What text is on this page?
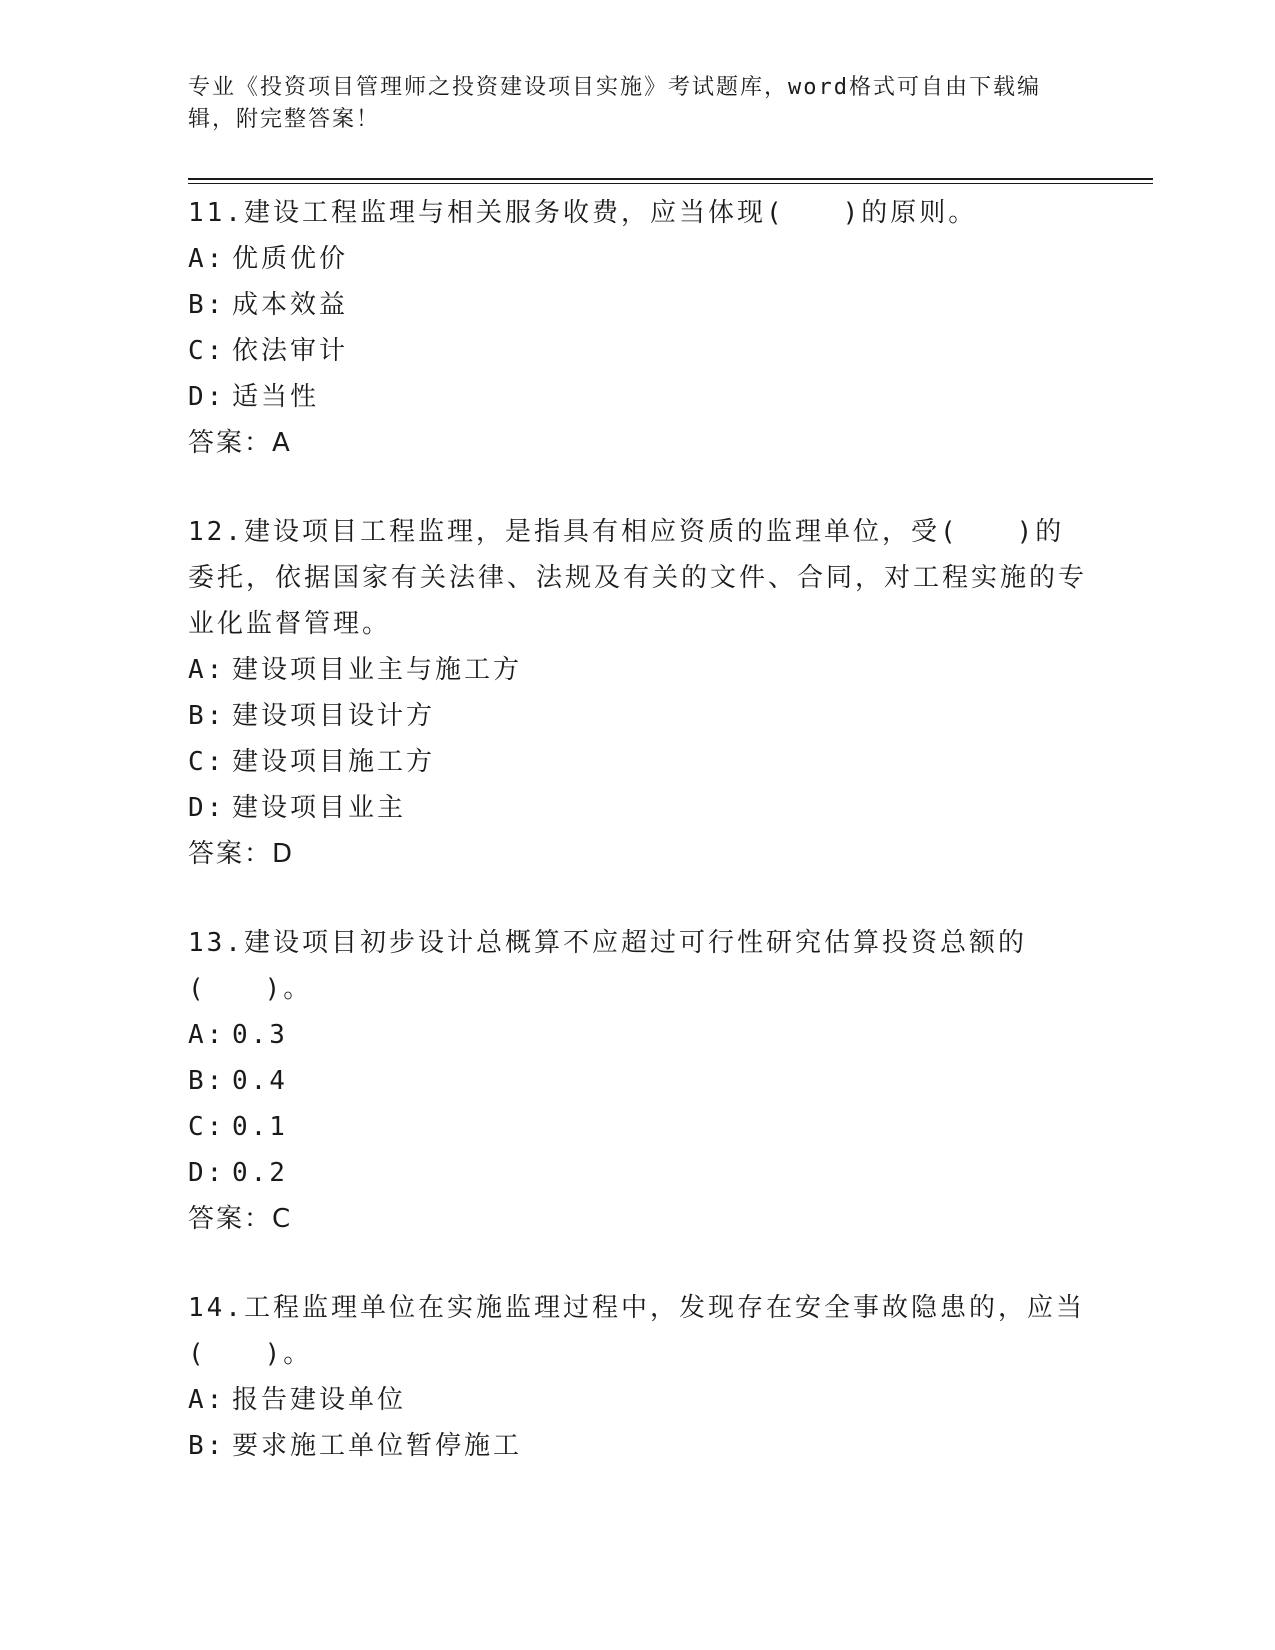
专业《投资项目管理师之投资建设项目实施》考试题库，word格式可自由下载编辑，附完整答案！

11.建设工程监理与相关服务收费，应当体现(　　)的原则。

A: 优质优价

B: 成本效益

C: 依法审计

D: 适当性

答案：A

12.建设项目工程监理，是指具有相应资质的监理单位，受(　　)的委托，依据国家有关法律、法规及有关的文件、合同，对工程实施的专业化监督管理。

A: 建设项目业主与施工方

B: 建设项目设计方

C: 建设项目施工方

D: 建设项目业主

答案：D

13.建设项目初步设计总概算不应超过可行性研究估算投资总额的(　　)。

A: 0.3

B: 0.4

C: 0.1

D: 0.2

答案：C

14.工程监理单位在实施监理过程中，发现存在安全事故隐患的，应当(　　)。

A: 报告建设单位

B: 要求施工单位暂停施工
